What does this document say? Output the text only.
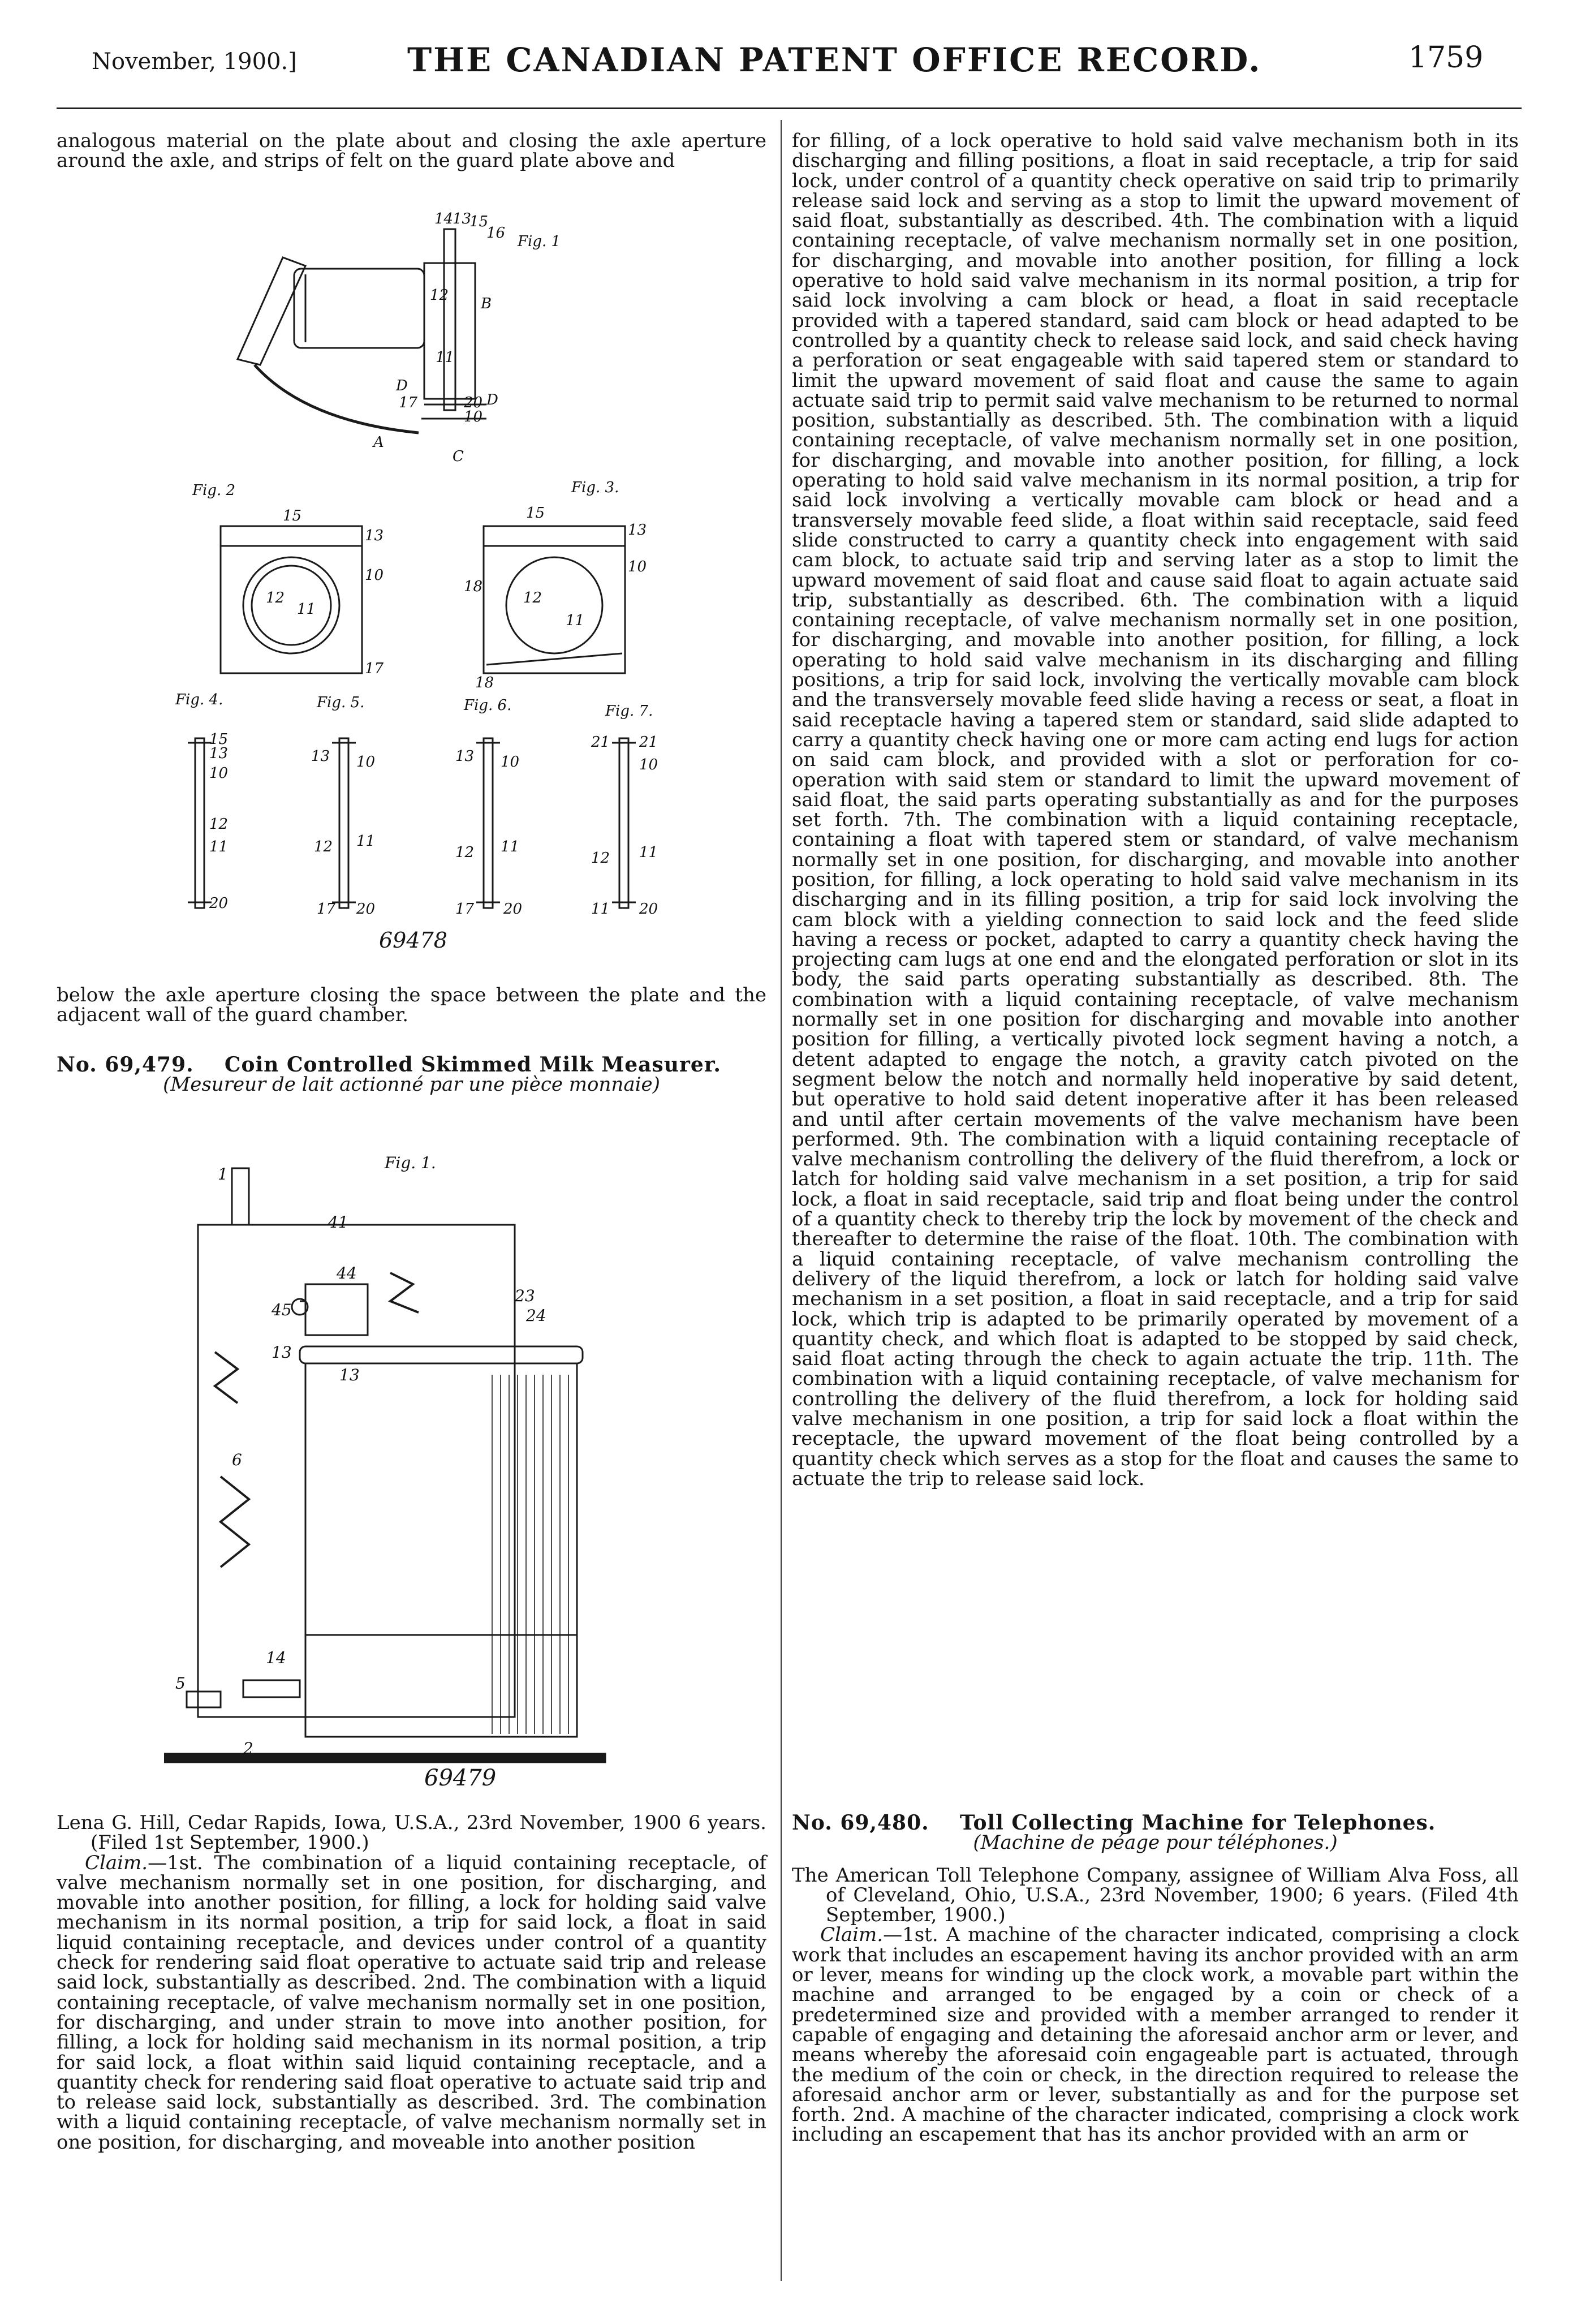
November, 1900.]	THE CANADIAN PATENT OFFICE RECORD.	1759

analogous material on the plate about and closing the axle aperture around the axle, and strips of felt on the guard plate above and

14
13
15
16 Fig. 1
12 B
11
D
17	20 D
10
A
C
Fig. 2
15
13
10
12
11
17
Fig. 3.
15
13
10
18
12
11
18
Fig. 4.	Fig. 5.	Fig. 6.	Fig. 7.
15
13
10
12
11
20
13 10
12 11
17 20
13 10
12 11
17 20
21 21
10
12 11
11 20
69478

below the axle aperture closing the space between the plate and the adjacent wall of the guard chamber.

No. 69,479. Coin Controlled Skimmed Milk Measurer.

(Mesureur de lait actionné par une pièce monnaie)

Fig. 1.
1
41
44
45
23
24
13
13
6
14
5
2
69479

Lena G. Hill, Cedar Rapids, Iowa, U.S.A., 23rd November, 1900 6 years. (Filed 1st September, 1900.)

Claim.—1st. The combination of a liquid containing receptacle, of valve mechanism normally set in one position, for discharging, and movable into another position, for filling, a lock for holding said valve mechanism in its normal position, a trip for said lock, a float in said liquid containing receptacle, and devices under control of a quantity check for rendering said float operative to actuate said trip and release said lock, substantially as described. 2nd. The combination with a liquid containing receptacle, of valve mechanism normally set in one position, for discharging, and under strain to move into another position, for filling, a lock for holding said mechanism in its normal position, a trip for said lock, a float within said liquid containing receptacle, and a quantity check for rendering said float operative to actuate said trip and to release said lock, substantially as described. 3rd. The combination with a liquid containing receptacle, of valve mechanism normally set in one position, for discharging, and moveable into another position

for filling, of a lock operative to hold said valve mechanism both in its discharging and filling positions, a float in said receptacle, a trip for said lock, under control of a quantity check operative on said trip to primarily release said lock and serving as a stop to limit the upward movement of said float, substantially as described. 4th. The combination with a liquid containing receptacle, of valve mechanism normally set in one position, for discharging, and movable into another position, for filling a lock operative to hold said valve mechanism in its normal position, a trip for said lock involving a cam block or head, a float in said receptacle provided with a tapered standard, said cam block or head adapted to be controlled by a quantity check to release said lock, and said check having a perforation or seat engageable with said tapered stem or standard to limit the upward movement of said float and cause the same to again actuate said trip to permit said valve mechanism to be returned to normal position, substantially as described. 5th. The combination with a liquid containing receptacle, of valve mechanism normally set in one position, for discharging, and movable into another position, for filling, a lock operating to hold said valve mechanism in its normal position, a trip for said lock involving a vertically movable cam block or head and a transversely movable feed slide, a float within said receptacle, said feed slide constructed to carry a quantity check into engagement with said cam block, to actuate said trip and serving later as a stop to limit the upward movement of said float and cause said float to again actuate said trip, substantially as described. 6th. The combination with a liquid containing receptacle, of valve mechanism normally set in one position, for discharging, and movable into another position, for filling, a lock operating to hold said valve mechanism in its discharging and filling positions, a trip for said lock, involving the vertically movable cam block and the transversely movable feed slide having a recess or seat, a float in said receptacle having a tapered stem or standard, said slide adapted to carry a quantity check having one or more cam acting end lugs for action on said cam block, and provided with a slot or perforation for co-operation with said stem or standard to limit the upward movement of said float, the said parts operating substantially as and for the purposes set forth. 7th. The combination with a liquid containing receptacle, containing a float with tapered stem or standard, of valve mechanism normally set in one position, for discharging, and movable into another position, for filling, a lock operating to hold said valve mechanism in its discharging and in its filling position, a trip for said lock involving the cam block with a yielding connection to said lock and the feed slide having a recess or pocket, adapted to carry a quantity check having the projecting cam lugs at one end and the elongated perforation or slot in its body, the said parts operating substantially as described. 8th. The combination with a liquid containing receptacle, of valve mechanism normally set in one position for discharging and movable into another position for filling, a vertically pivoted lock segment having a notch, a detent adapted to engage the notch, a gravity catch pivoted on the segment below the notch and normally held inoperative by said detent, but operative to hold said detent inoperative after it has been released and until after certain movements of the valve mechanism have been performed. 9th. The combination with a liquid containing receptacle of valve mechanism controlling the delivery of the fluid therefrom, a lock or latch for holding said valve mechanism in a set position, a trip for said lock, a float in said receptacle, said trip and float being under the control of a quantity check to thereby trip the lock by movement of the check and thereafter to determine the raise of the float. 10th. The combination with a liquid containing receptacle, of valve mechanism controlling the delivery of the liquid therefrom, a lock or latch for holding said valve mechanism in a set position, a float in said receptacle, and a trip for said lock, which trip is adapted to be primarily operated by movement of a quantity check, and which float is adapted to be stopped by said check, said float acting through the check to again actuate the trip. 11th. The combination with a liquid containing receptacle, of valve mechanism for controlling the delivery of the fluid therefrom, a lock for holding said valve mechanism in one position, a trip for said lock a float within the receptacle, the upward movement of the float being controlled by a quantity check which serves as a stop for the float and causes the same to actuate the trip to release said lock.

No. 69,480. Toll Collecting Machine for Telephones.

(Machine de péage pour téléphones.)

The American Toll Telephone Company, assignee of William Alva Foss, all of Cleveland, Ohio, U.S.A., 23rd November, 1900; 6 years. (Filed 4th September, 1900.)

Claim.—1st. A machine of the character indicated, comprising a clock work that includes an escapement having its anchor provided with an arm or lever, means for winding up the clock work, a movable part within the machine and arranged to be engaged by a coin or check of a predetermined size and provided with a member arranged to render it capable of engaging and detaining the aforesaid anchor arm or lever, and means whereby the aforesaid coin engageable part is actuated, through the medium of the coin or check, in the direction required to release the aforesaid anchor arm or lever, substantially as and for the purpose set forth. 2nd. A machine of the character indicated, comprising a clock work including an escapement that has its anchor provided with an arm or
